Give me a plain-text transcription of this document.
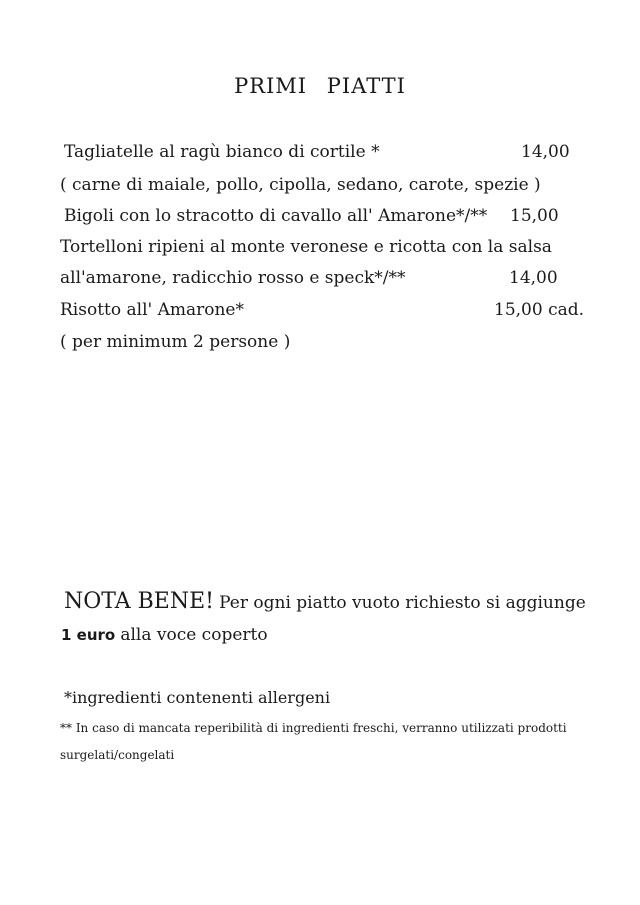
PRIMI PIATTI
Tagliatelle al ragù bianco di cortile *	14,00
( carne di maiale, pollo, cipolla, sedano, carote, spezie )
Bigoli con lo stracotto di cavallo all' Amarone*/** 15,00
Tortelloni ripieni al monte veronese e ricotta con la salsa
all'amarone, radicchio rosso e speck*/**	14,00
Risotto all' Amarone*	15,00 cad.
( per minimum 2 persone )
NOTA BENE! Per ogni piatto vuoto richiesto si aggiunge
1 euro alla voce coperto
*ingredienti contenenti allergeni
** In caso di mancata reperibilità di ingredienti freschi, verranno utilizzati prodotti
surgelati/congelati
